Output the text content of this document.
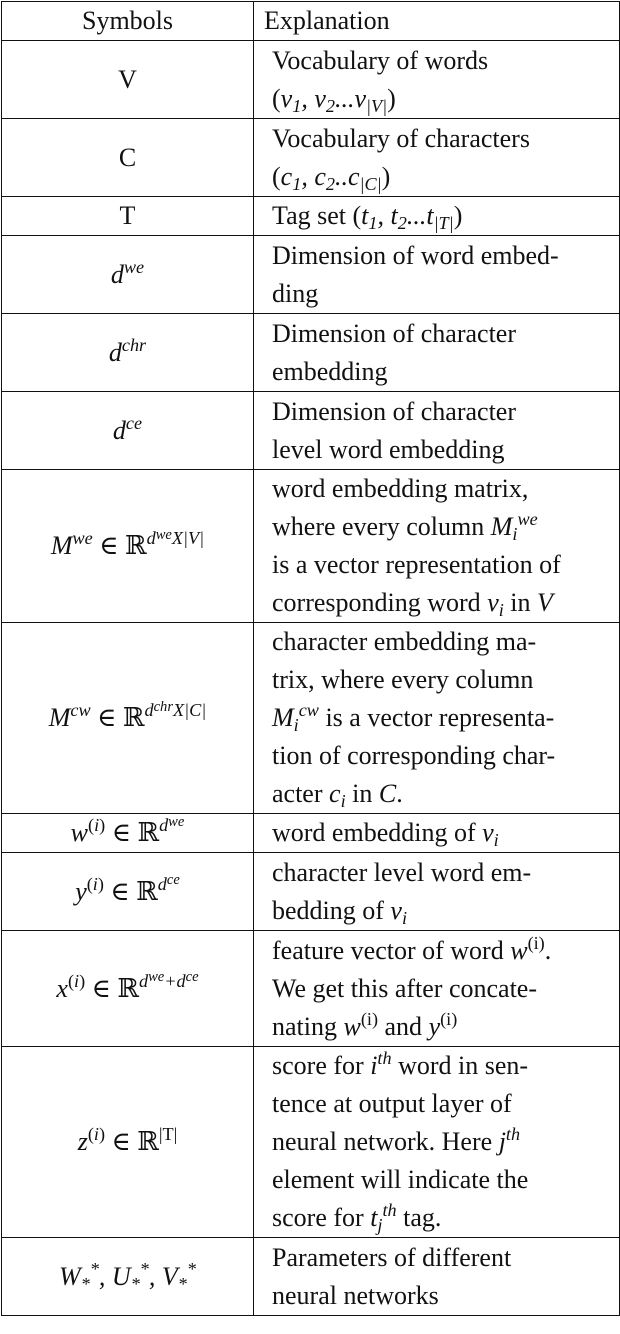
Symbols	Explanation
V	Vocabulary of words
($v_1$, $v_2...v_{|V|}$)
C	Vocabulary of characters
($c_1$, $c_2..c_{|C|}$)
T	Tag set ($t_1$, $t_2...t_{|T|}$)
$d^{we}$	Dimension of word embed-
ding
$d^{chr}$	Dimension of character
embedding
$d^{ce}$	Dimension of character
level word embedding
$M^{we}$ ∈ ℝ$^{d^{we}X|V|}$	word embedding matrix,
where every column $M_i^{we}$
is a vector representation of
corresponding word $v_i$ in V
$M^{cw}$ ∈ ℝ$^{d^{chr}X|C|}$	character embedding ma-
trix, where every column
$M_i^{cw}$ is a vector representa-
tion of corresponding char-
acter $c_i$ in C.
$w^{(i)}$ ∈ ℝ$^{d^{we}}$	word embedding of $v_i$
$y^{(i)}$ ∈ ℝ$^{d^{ce}}$	character level word em-
bedding of $v_i$
$x^{(i)}$ ∈ ℝ$^{d^{we}+d^{ce}}$	feature vector of word $w^{(i)}$.
We get this after concate-
nating $w^{(i)}$ and $y^{(i)}$
$z^{(i)}$ ∈ ℝ$^{|T|}$	score for $i^{th}$ word in sen-
tence at output layer of
neural network. Here $j^{th}$
element will indicate the
score for $t_j^{th}$ tag.
$W_*^*$, $U_*^*$, $V_*^*$	Parameters of different
neural networks
